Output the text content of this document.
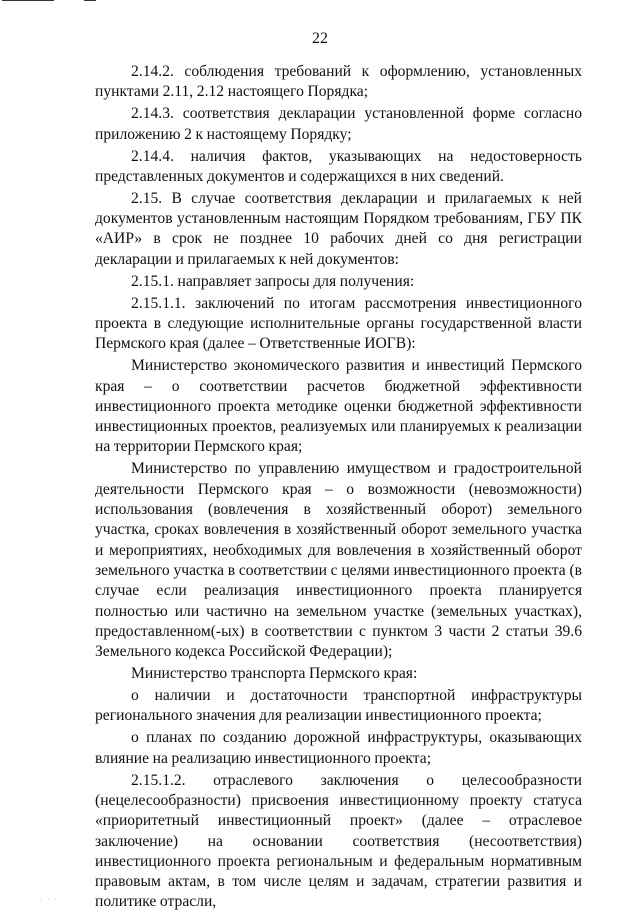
22

2.14.2. соблюдения требований к оформлению, установленных пунктами 2.11, 2.12 настоящего Порядка;

2.14.3. соответствия декларации установленной форме согласно приложению 2 к настоящему Порядку;

2.14.4. наличия фактов, указывающих на недостоверность представленных документов и содержащихся в них сведений.

2.15. В случае соответствия декларации и прилагаемых к ней документов установленным настоящим Порядком требованиям, ГБУ ПК «АИР» в срок не позднее 10 рабочих дней со дня регистрации декларации и прилагаемых к ней документов:

2.15.1. направляет запросы для получения:

2.15.1.1. заключений по итогам рассмотрения инвестиционного проекта в следующие исполнительные органы государственной власти Пермского края (далее – Ответственные ИОГВ):

Министерство экономического развития и инвестиций Пермского края – о соответствии расчетов бюджетной эффективности инвестиционного проекта методике оценки бюджетной эффективности инвестиционных проектов, реализуемых или планируемых к реализации на территории Пермского края;

Министерство по управлению имуществом и градостроительной деятельности Пермского края – о возможности (невозможности) использования (вовлечения в хозяйственный оборот) земельного участка, сроках вовлечения в хозяйственный оборот земельного участка и мероприятиях, необходимых для вовлечения в хозяйственный оборот земельного участка в соответствии с целями инвестиционного проекта (в случае если реализация инвестиционного проекта планируется полностью или частично на земельном участке (земельных участках), предоставленном(-ых) в соответствии с пунктом 3 части 2 статьи 39.6 Земельного кодекса Российской Федерации);

Министерство транспорта Пермского края:

о наличии и достаточности транспортной инфраструктуры регионального значения для реализации инвестиционного проекта;

о планах по созданию дорожной инфраструктуры, оказывающих влияние на реализацию инвестиционного проекта;

2.15.1.2. отраслевого заключения о целесообразности (нецелесообразности) присвоения инвестиционному проекту статуса «приоритетный инвестиционный проект» (далее – отраслевое заключение) на основании соответствия (несоответствия) инвестиционного проекта региональным и федеральным нормативным правовым актам, в том числе целям и задачам, стратегии развития и политике отрасли,

· · ·
